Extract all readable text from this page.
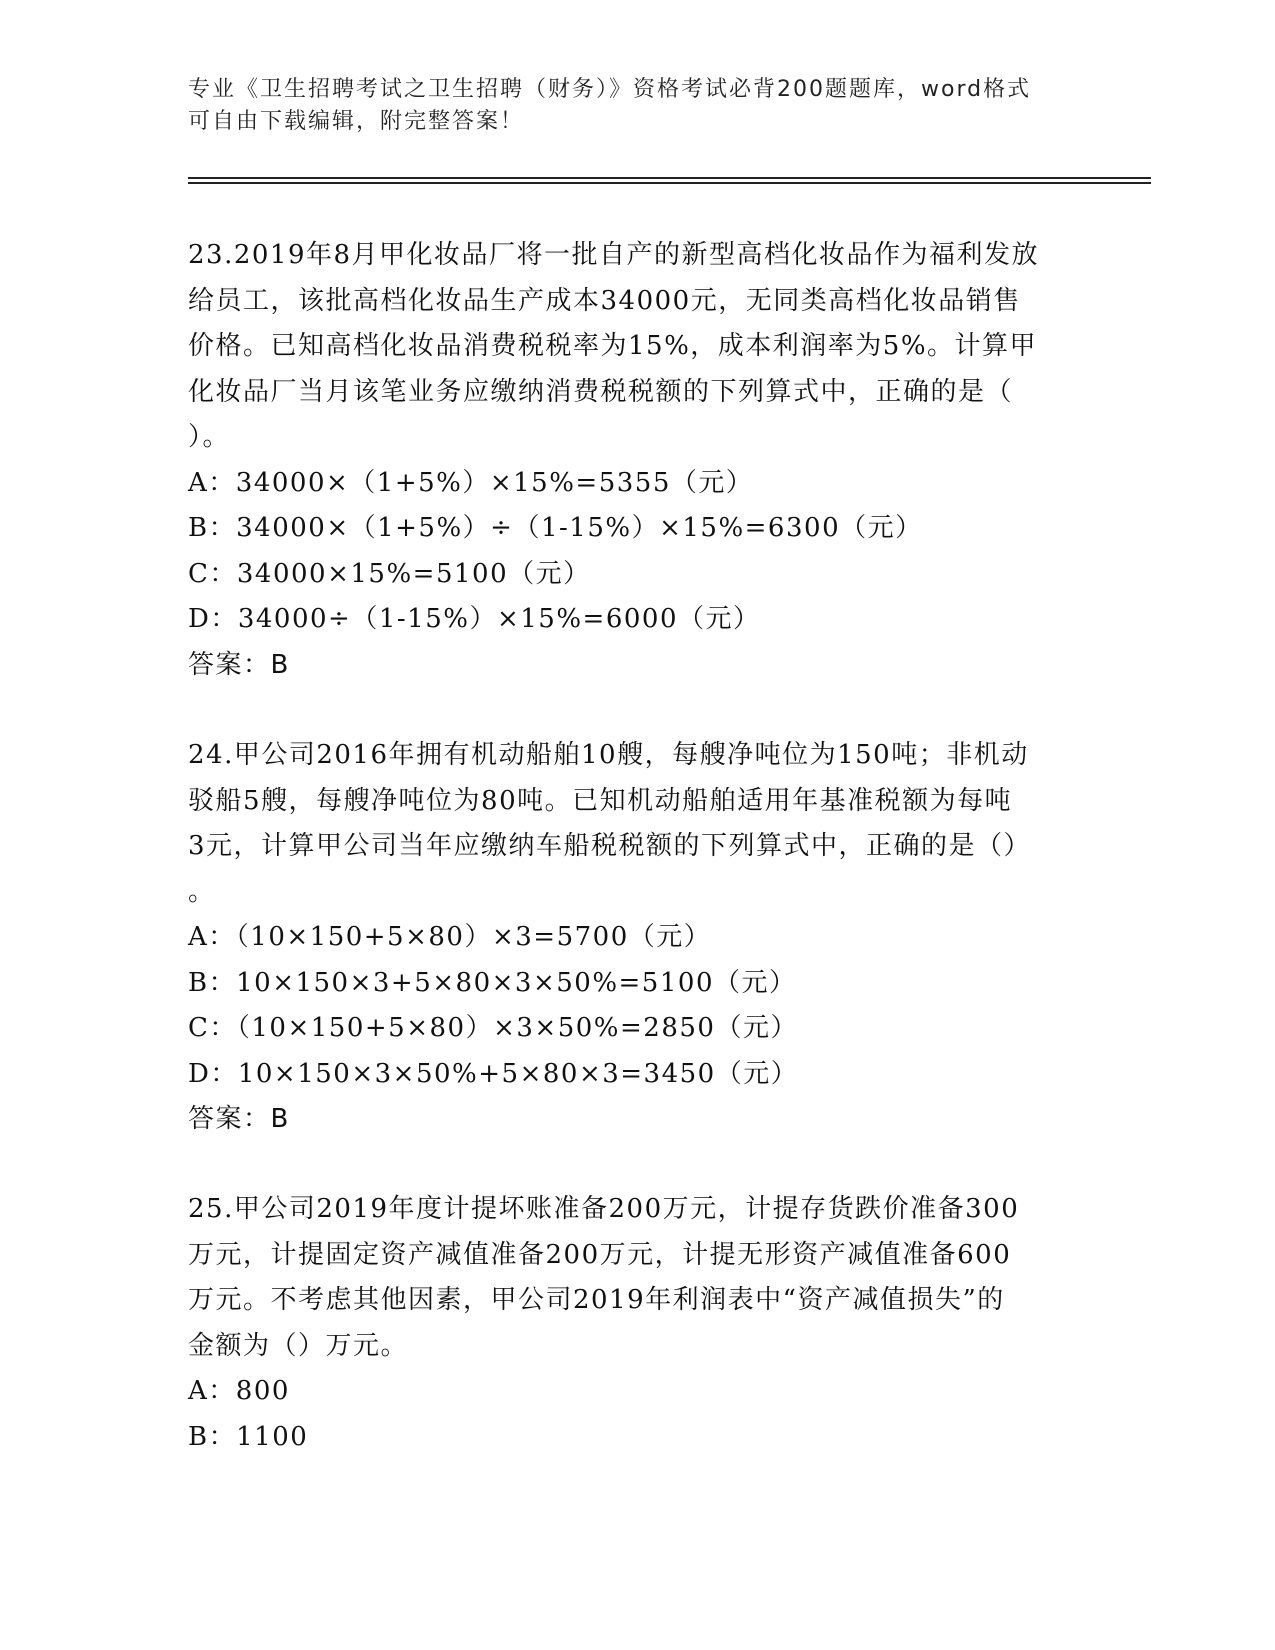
专业《卫生招聘考试之卫生招聘（财务）》资格考试必背200题题库，word格式
可自由下载编辑，附完整答案！
23.2019年8月甲化妆品厂将一批自产的新型高档化妆品作为福利发放
给员工，该批高档化妆品生产成本34000元，无同类高档化妆品销售
价格。已知高档化妆品消费税税率为15%，成本利润率为5%。计算甲
化妆品厂当月该笔业务应缴纳消费税税额的下列算式中，正确的是（
）。
A：34000×（1+5%）×15%=5355（元）
B：34000×（1+5%）÷（1-15%）×15%=6300（元）
C：34000×15%=5100（元）
D：34000÷（1-15%）×15%=6000（元）
答案：B
24.甲公司2016年拥有机动船舶10艘，每艘净吨位为150吨；非机动
驳船5艘，每艘净吨位为80吨。已知机动船舶适用年基准税额为每吨
3元，计算甲公司当年应缴纳车船税税额的下列算式中，正确的是（）
。
A：（10×150+5×80）×3=5700（元）
B：10×150×3+5×80×3×50%=5100（元）
C：（10×150+5×80）×3×50%=2850（元）
D：10×150×3×50%+5×80×3=3450（元）
答案：B
25.甲公司2019年度计提坏账准备200万元，计提存货跌价准备300
万元，计提固定资产减值准备200万元，计提无形资产减值准备600
万元。不考虑其他因素，甲公司2019年利润表中“资产减值损失”的
金额为（）万元。
A：800
B：1100
